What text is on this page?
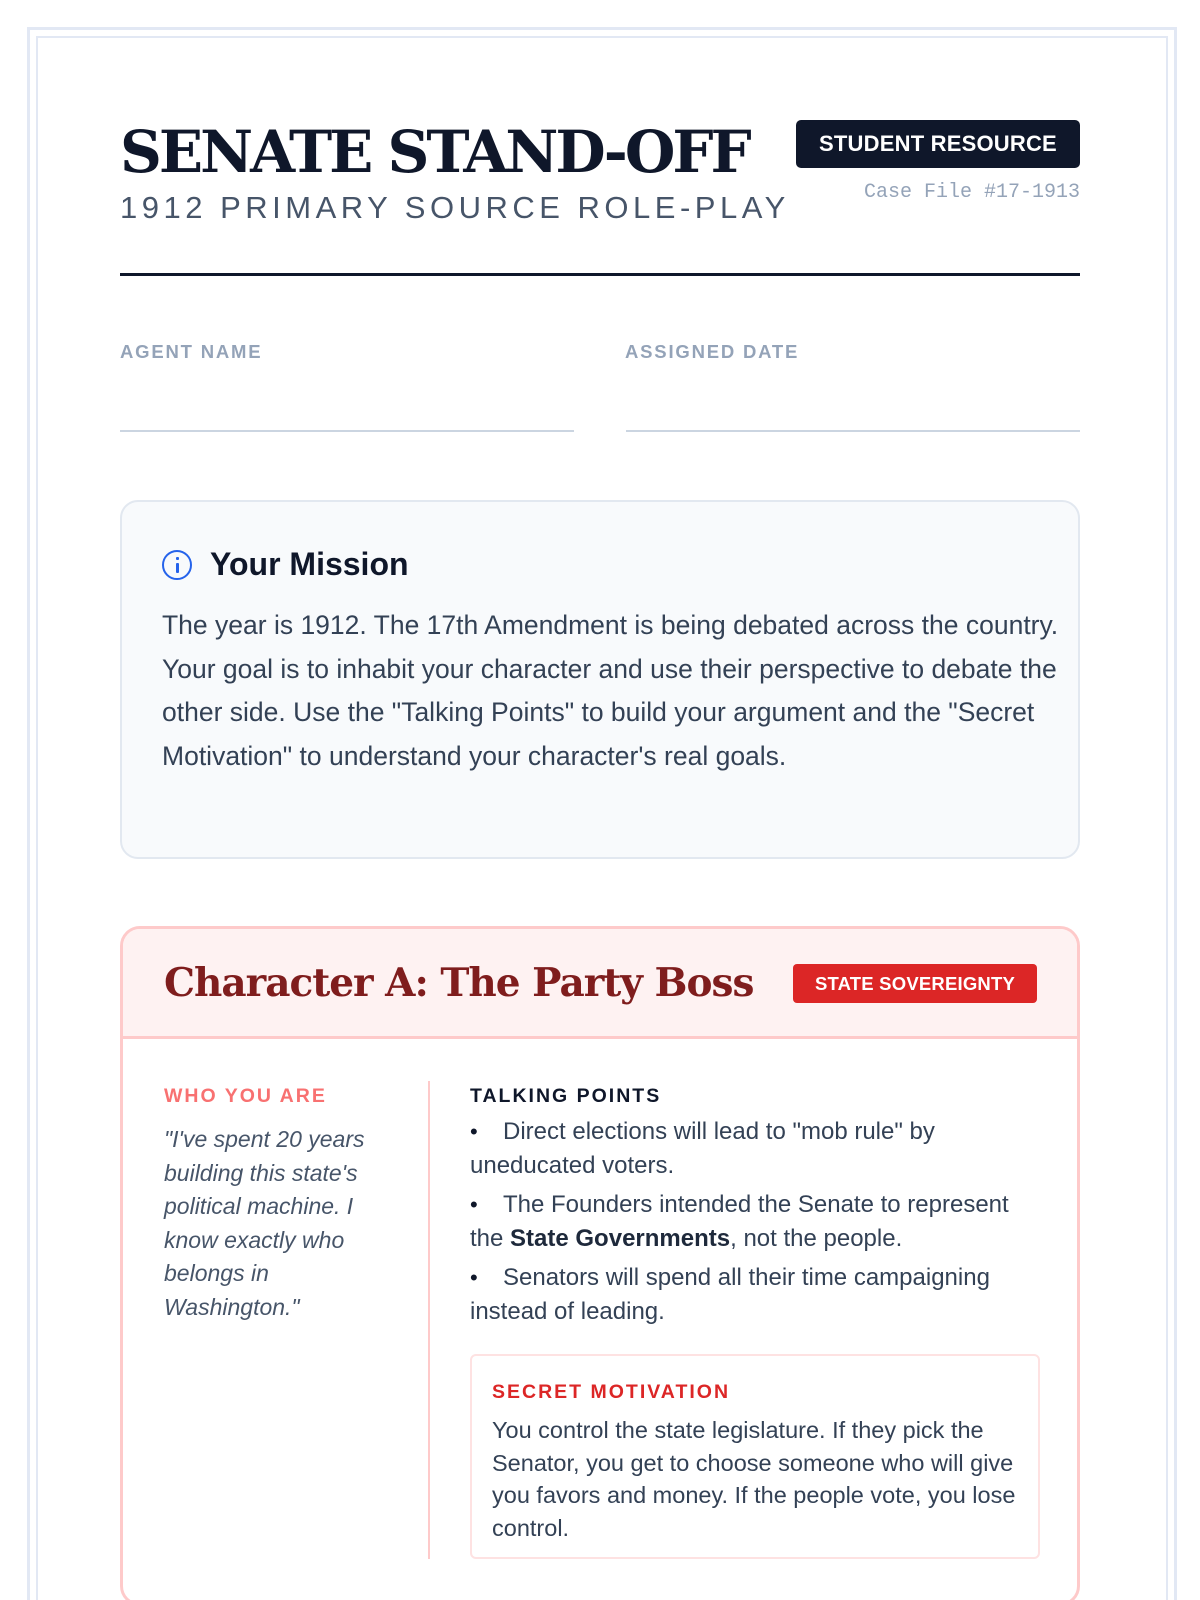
SENATE STAND-OFF
1912 PRIMARY SOURCE ROLE-PLAY
STUDENT RESOURCE
Case File #17-1913
AGENT NAME	ASSIGNED DATE
Your Mission

The year is 1912. The 17th Amendment is being debated across the country. Your goal is to inhabit your character and use their perspective to debate the other side. Use the "Talking Points" to build your argument and the "Secret Motivation" to understand your character's real goals.

Character A: The Party Boss	STATE SOVEREIGNTY
WHO YOU ARE

"I've spent 20 years building this state's political machine. I know exactly who belongs in Washington."

TALKING POINTS
• Direct elections will lead to "mob rule" by uneducated voters.
• The Founders intended the Senate to represent the State Governments, not the people.
• Senators will spend all their time campaigning instead of leading.
SECRET MOTIVATION

You control the state legislature. If they pick the Senator, you get to choose someone who will give you favors and money. If the people vote, you lose control.
